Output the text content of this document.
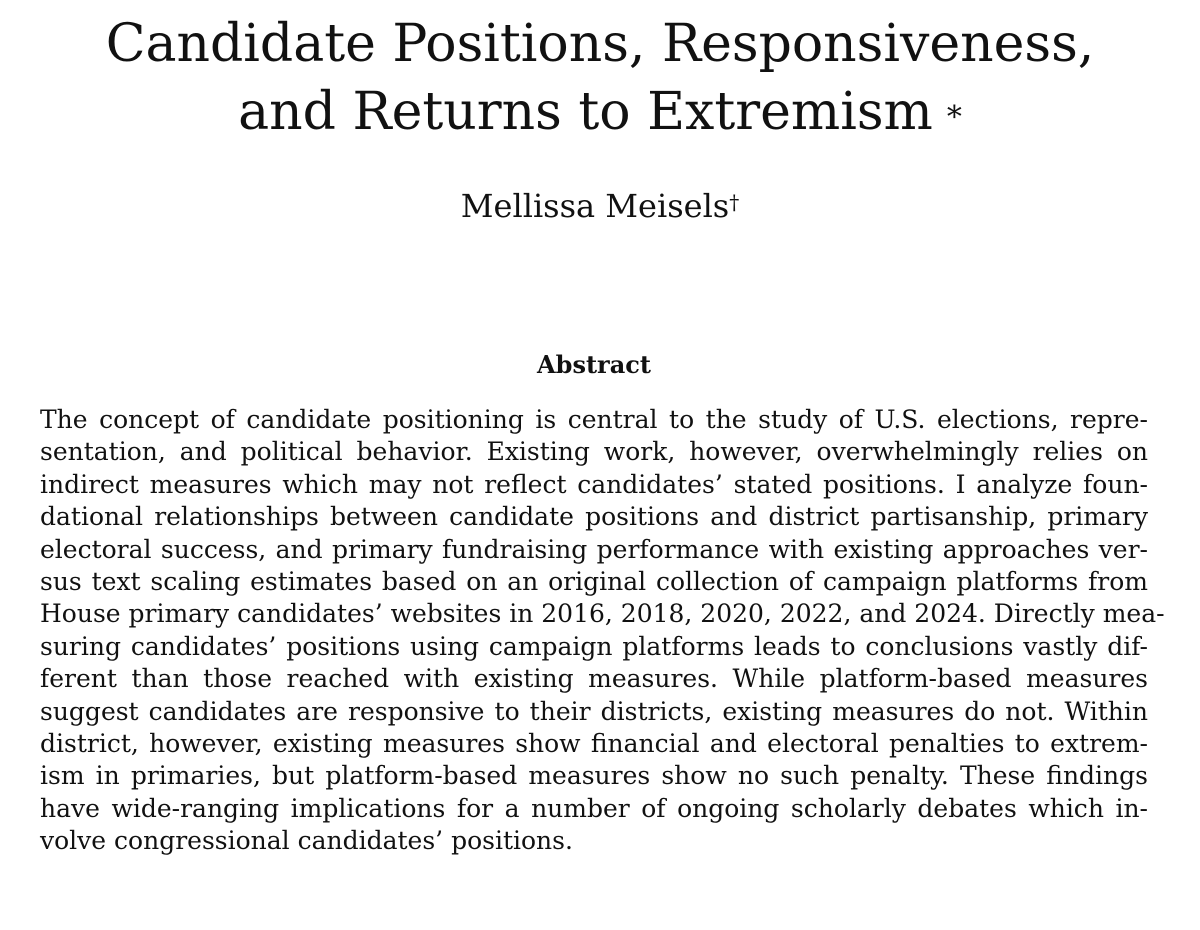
Candidate Positions, Responsiveness,
and Returns to Extremism *
Mellissa Meisels†
Abstract
The concept of candidate positioning is central to the study of U.S. elections, repre-
sentation, and political behavior. Existing work, however, overwhelmingly relies on
indirect measures which may not reflect candidates’ stated positions. I analyze foun-
dational relationships between candidate positions and district partisanship, primary
electoral success, and primary fundraising performance with existing approaches ver-
sus text scaling estimates based on an original collection of campaign platforms from
House primary candidates’ websites in 2016, 2018, 2020, 2022, and 2024. Directly mea-
suring candidates’ positions using campaign platforms leads to conclusions vastly dif-
ferent than those reached with existing measures. While platform-based measures
suggest candidates are responsive to their districts, existing measures do not. Within
district, however, existing measures show financial and electoral penalties to extrem-
ism in primaries, but platform-based measures show no such penalty. These findings
have wide-ranging implications for a number of ongoing scholarly debates which in-
volve congressional candidates’ positions.
